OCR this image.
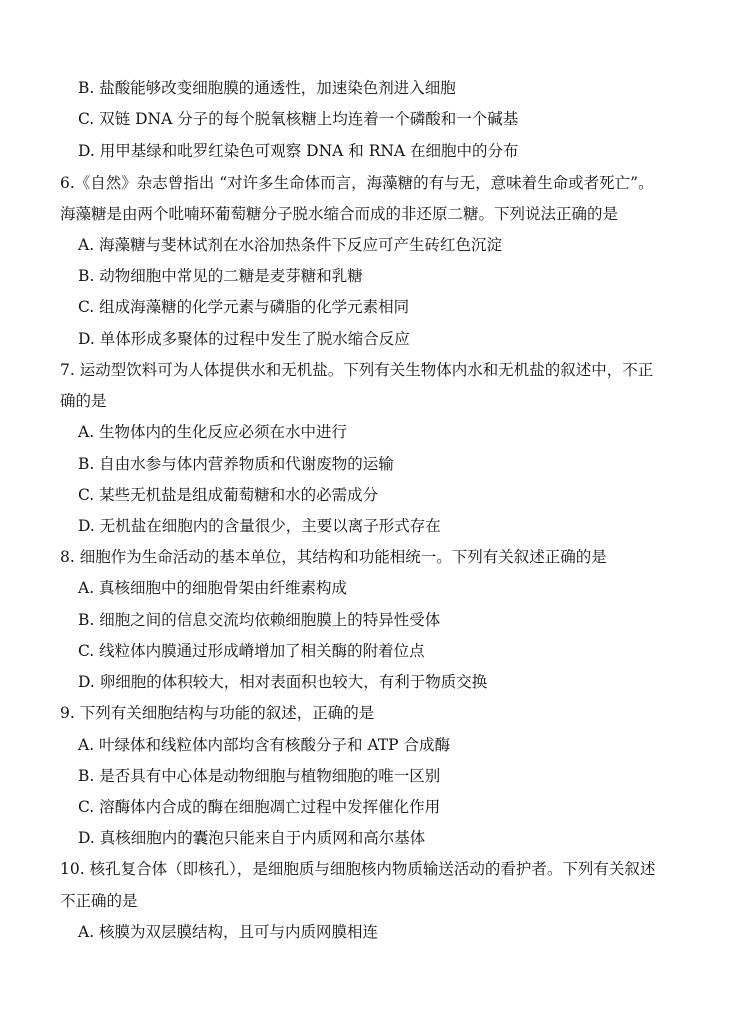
B. 盐酸能够改变细胞膜的通透性，加速染色剂进入细胞
C. 双链 DNA 分子的每个脱氧核糖上均连着一个磷酸和一个碱基
D. 用甲基绿和吡罗红染色可观察 DNA 和 RNA 在细胞中的分布
6.《自然》杂志曾指出 “对许多生命体而言，海藻糖的有与无，意味着生命或者死亡”。
海藻糖是由两个吡喃环葡萄糖分子脱水缩合而成的非还原二糖。下列说法正确的是
A. 海藻糖与斐林试剂在水浴加热条件下反应可产生砖红色沉淀
B. 动物细胞中常见的二糖是麦芽糖和乳糖
C. 组成海藻糖的化学元素与磷脂的化学元素相同
D. 单体形成多聚体的过程中发生了脱水缩合反应
7. 运动型饮料可为人体提供水和无机盐。下列有关生物体内水和无机盐的叙述中，不正
确的是
A. 生物体内的生化反应必须在水中进行
B. 自由水参与体内营养物质和代谢废物的运输
C. 某些无机盐是组成葡萄糖和水的必需成分
D. 无机盐在细胞内的含量很少，主要以离子形式存在
8. 细胞作为生命活动的基本单位，其结构和功能相统一。下列有关叙述正确的是
A. 真核细胞中的细胞骨架由纤维素构成
B. 细胞之间的信息交流均依赖细胞膜上的特异性受体
C. 线粒体内膜通过形成嵴增加了相关酶的附着位点
D. 卵细胞的体积较大，相对表面积也较大，有利于物质交换
9. 下列有关细胞结构与功能的叙述，正确的是
A. 叶绿体和线粒体内部均含有核酸分子和 ATP 合成酶
B. 是否具有中心体是动物细胞与植物细胞的唯一区别
C. 溶酶体内合成的酶在细胞凋亡过程中发挥催化作用
D. 真核细胞内的囊泡只能来自于内质网和高尔基体
10. 核孔复合体（即核孔），是细胞质与细胞核内物质输送活动的看护者。下列有关叙述
不正确的是
A. 核膜为双层膜结构，且可与内质网膜相连
